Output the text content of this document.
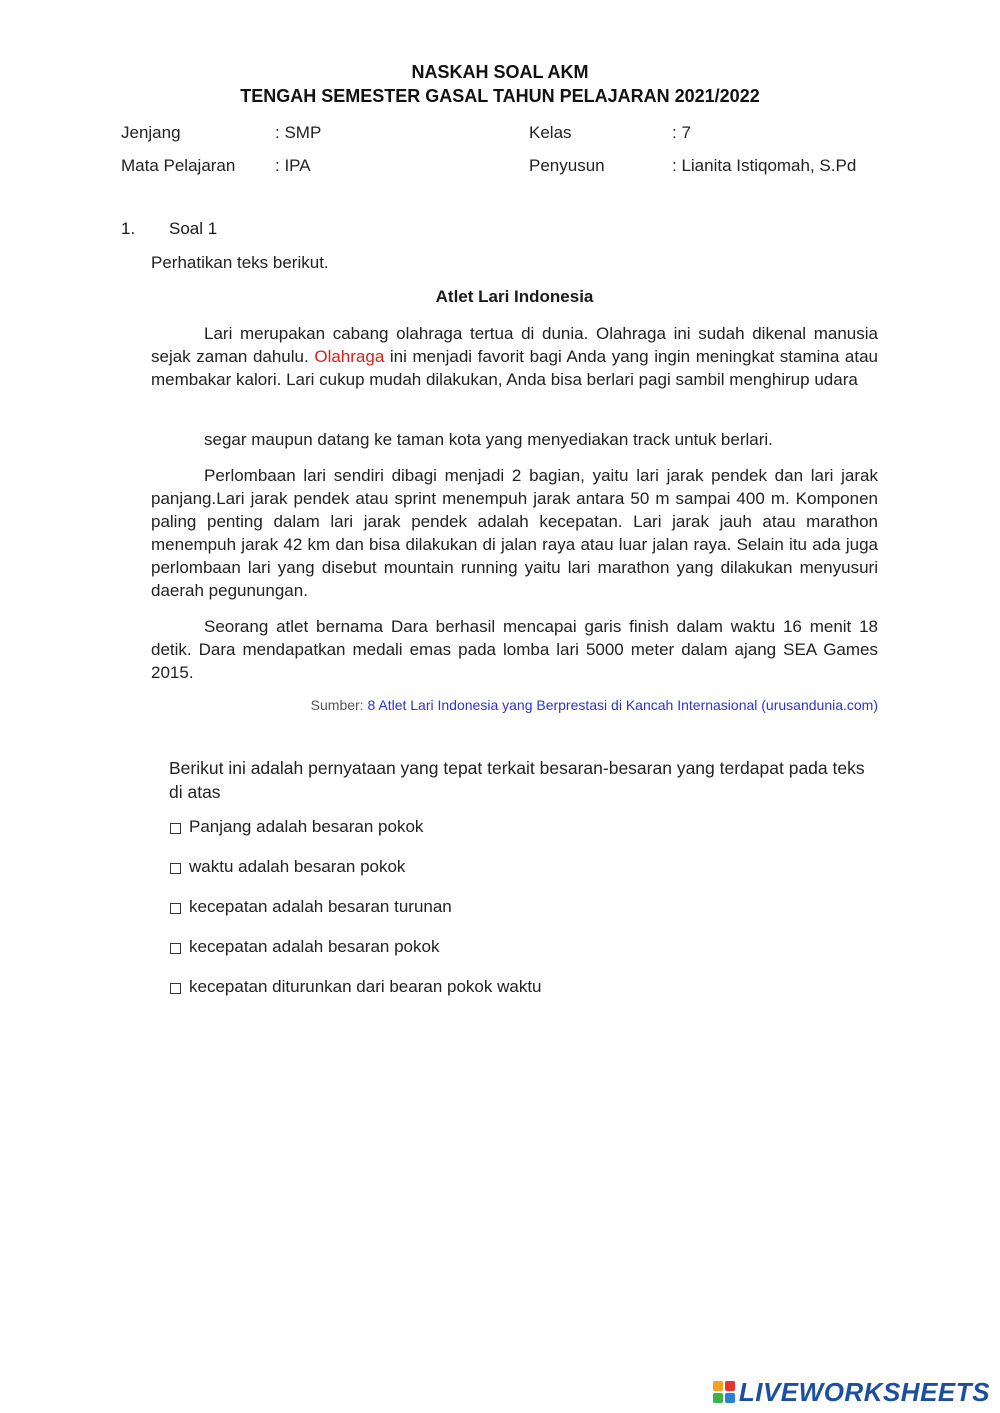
NASKAH SOAL AKM
TENGAH SEMESTER GASAL TAHUN PELAJARAN 2021/2022
Jenjang	: SMP	Kelas	: 7
Mata Pelajaran : IPA	Penyusun	: Lianita Istiqomah, S.Pd
1. Soal 1
Perhatikan teks berikut.
Atlet Lari Indonesia
Lari merupakan cabang olahraga tertua di dunia. Olahraga ini sudah dikenal manusia sejak zaman dahulu. Olahraga ini menjadi favorit bagi Anda yang ingin meningkat stamina atau membakar kalori. Lari cukup mudah dilakukan, Anda bisa berlari pagi sambil menghirup udara
segar maupun datang ke taman kota yang menyediakan track untuk berlari.
Perlombaan lari sendiri dibagi menjadi 2 bagian, yaitu lari jarak pendek dan lari jarak panjang.Lari jarak pendek atau sprint menempuh jarak antara 50 m sampai 400 m. Komponen paling penting dalam lari jarak pendek adalah kecepatan. Lari jarak jauh atau marathon menempuh jarak 42 km dan bisa dilakukan di jalan raya atau luar jalan raya. Selain itu ada juga perlombaan lari yang disebut mountain running yaitu lari marathon yang dilakukan menyusuri daerah pegunungan.
Seorang atlet bernama Dara berhasil mencapai garis finish dalam waktu 16 menit 18 detik. Dara mendapatkan medali emas pada lomba lari 5000 meter dalam ajang SEA Games 2015.
Sumber: 8 Atlet Lari Indonesia yang Berprestasi di Kancah Internasional (urusandunia.com)
Berikut ini adalah pernyataan yang tepat terkait besaran-besaran yang terdapat pada teks di atas
Panjang adalah besaran pokok
waktu adalah besaran pokok
kecepatan adalah besaran turunan
kecepatan adalah besaran pokok
kecepatan diturunkan dari bearan pokok waktu
LIVEWORKSHEETS
